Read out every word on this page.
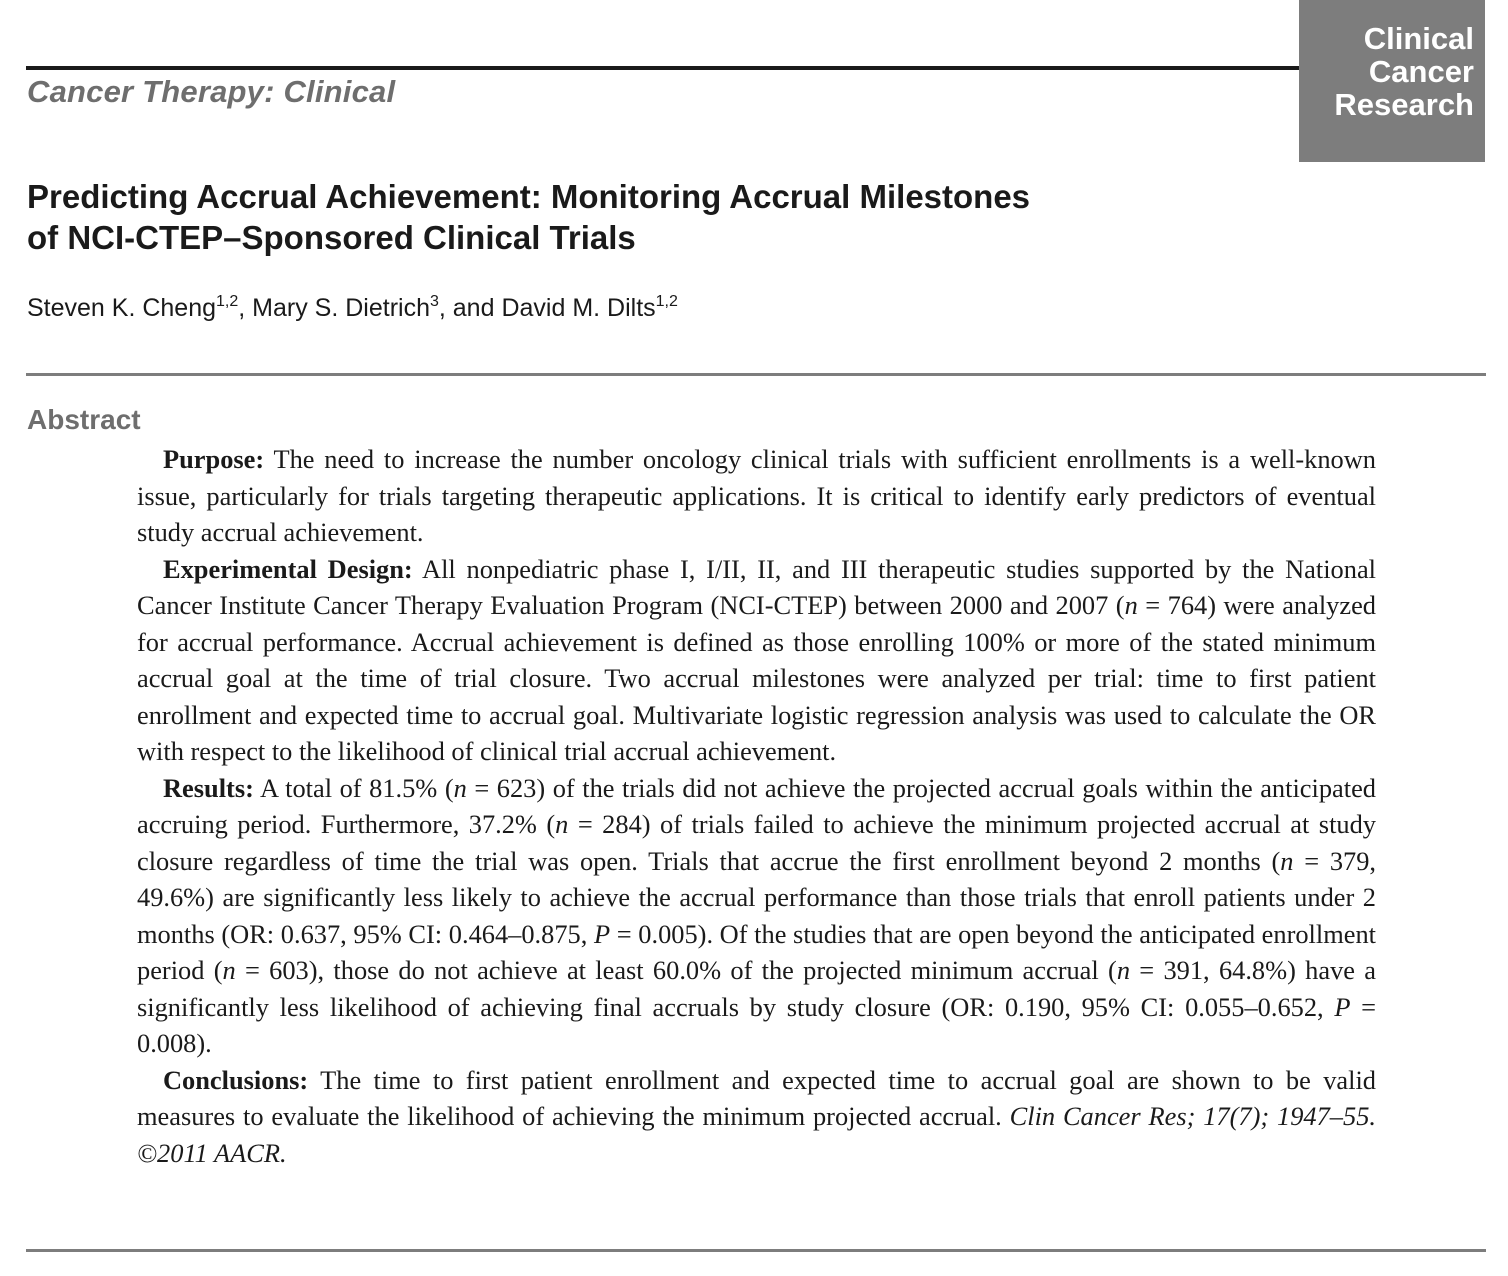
Cancer Therapy: Clinical
Clinical
Cancer
Research
Predicting Accrual Achievement: Monitoring Accrual Milestones
of NCI-CTEP–Sponsored Clinical Trials
Steven K. Cheng$^{1,2}$, Mary S. Dietrich$^3$, and David M. Dilts$^{1,2}$
Abstract

Purpose: The need to increase the number oncology clinical trials with sufficient enrollments is a well-known issue, particularly for trials targeting therapeutic applications. It is critical to identify early predictors of eventual study accrual achievement.

Experimental Design: All nonpediatric phase I, I/II, II, and III therapeutic studies supported by the National Cancer Institute Cancer Therapy Evaluation Program (NCI-CTEP) between 2000 and 2007 (n = 764) were analyzed for accrual performance. Accrual achievement is defined as those enrolling 100% or more of the stated minimum accrual goal at the time of trial closure. Two accrual milestones were analyzed per trial: time to first patient enrollment and expected time to accrual goal. Multivariate logistic regression analysis was used to calculate the OR with respect to the likelihood of clinical trial accrual achievement.

Results: A total of 81.5% (n = 623) of the trials did not achieve the projected accrual goals within the anticipated accruing period. Furthermore, 37.2% (n = 284) of trials failed to achieve the minimum projected accrual at study closure regardless of time the trial was open. Trials that accrue the first enrollment beyond 2 months (n = 379, 49.6%) are significantly less likely to achieve the accrual performance than those trials that enroll patients under 2 months (OR: 0.637, 95% CI: 0.464–0.875, P = 0.005). Of the studies that are open beyond the anticipated enrollment period (n = 603), those do not achieve at least 60.0% of the projected minimum accrual (n = 391, 64.8%) have a significantly less likelihood of achieving final accruals by study closure (OR: 0.190, 95% CI: 0.055–0.652, P = 0.008).

Conclusions: The time to first patient enrollment and expected time to accrual goal are shown to be valid measures to evaluate the likelihood of achieving the minimum projected accrual. Clin Cancer Res; 17(7); 1947–55. ©2011 AACR.
